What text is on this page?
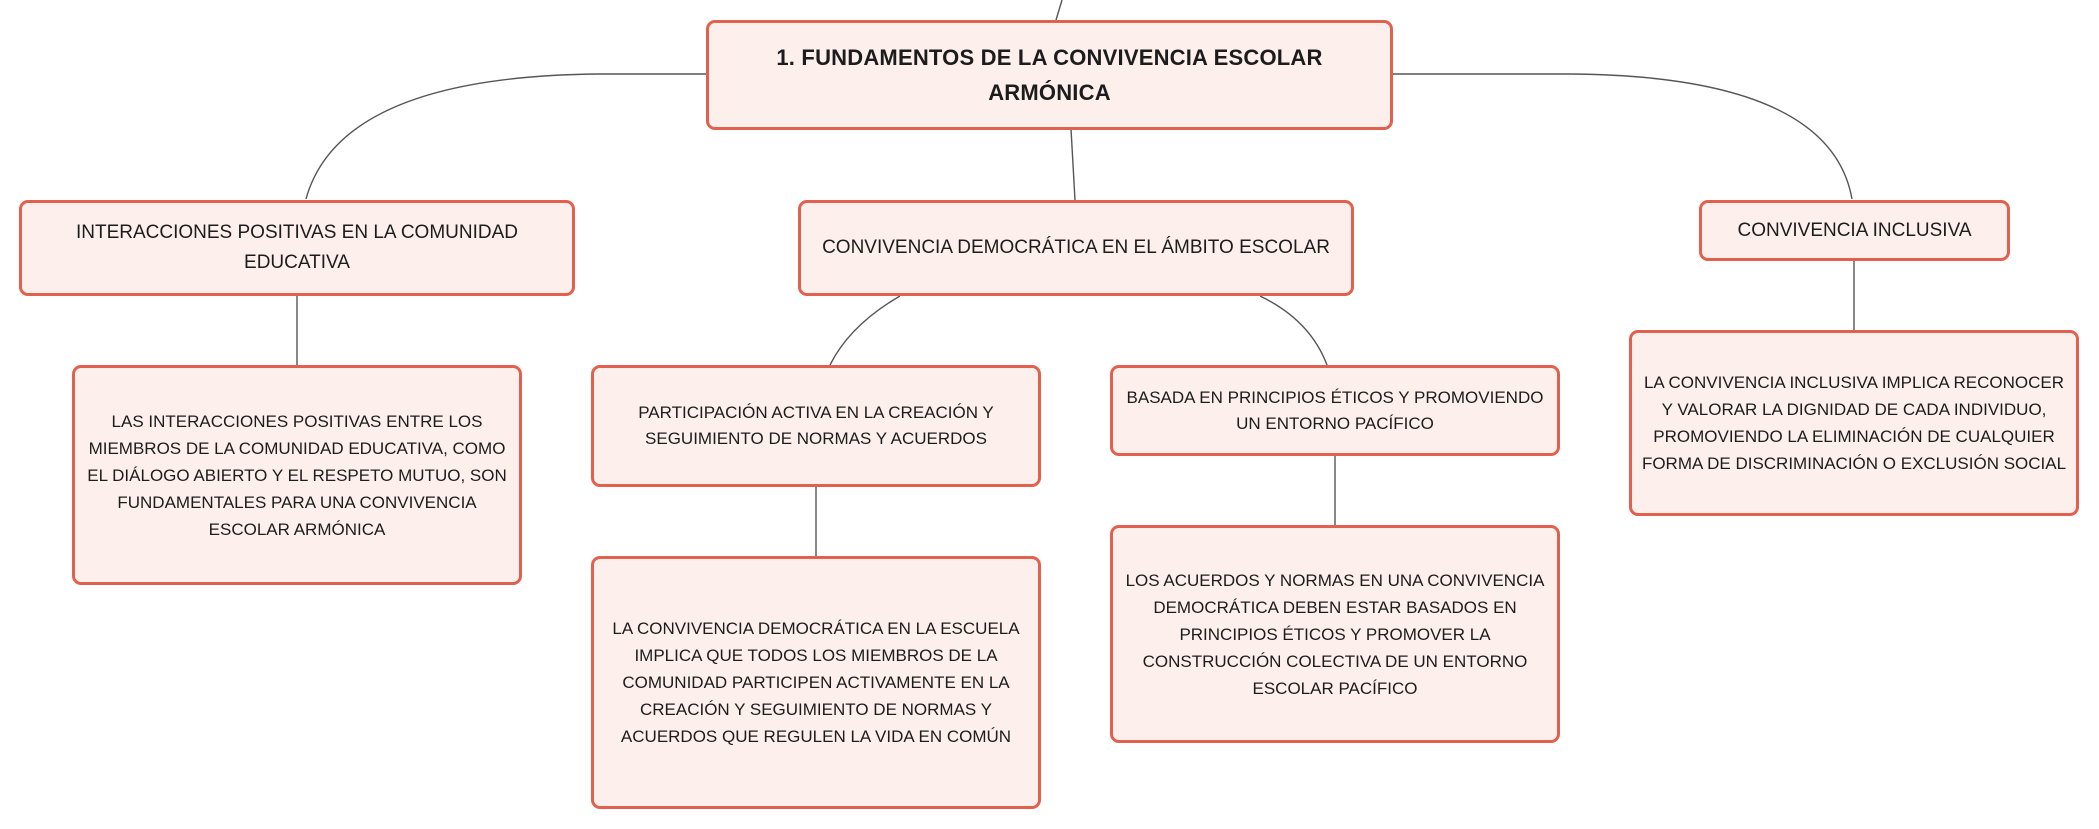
1. FUNDAMENTOS DE LA CONVIVENCIA ESCOLAR ARMÓNICA
INTERACCIONES POSITIVAS EN LA COMUNIDAD EDUCATIVA
CONVIVENCIA DEMOCRÁTICA EN EL ÁMBITO ESCOLAR
CONVIVENCIA INCLUSIVA
LAS INTERACCIONES POSITIVAS ENTRE LOS MIEMBROS DE LA COMUNIDAD EDUCATIVA, COMO EL DIÁLOGO ABIERTO Y EL RESPETO MUTUO, SON FUNDAMENTALES PARA UNA CONVIVENCIA ESCOLAR ARMÓNICA
PARTICIPACIÓN ACTIVA EN LA CREACIÓN Y SEGUIMIENTO DE NORMAS Y ACUERDOS
BASADA EN PRINCIPIOS ÉTICOS Y PROMOVIENDO UN ENTORNO PACÍFICO
LA CONVIVENCIA DEMOCRÁTICA EN LA ESCUELA IMPLICA QUE TODOS LOS MIEMBROS DE LA COMUNIDAD PARTICIPEN ACTIVAMENTE EN LA CREACIÓN Y SEGUIMIENTO DE NORMAS Y ACUERDOS QUE REGULEN LA VIDA EN COMÚN
LOS ACUERDOS Y NORMAS EN UNA CONVIVENCIA DEMOCRÁTICA DEBEN ESTAR BASADOS EN PRINCIPIOS ÉTICOS Y PROMOVER LA CONSTRUCCIÓN COLECTIVA DE UN ENTORNO ESCOLAR PACÍFICO
LA CONVIVENCIA INCLUSIVA IMPLICA RECONOCER Y VALORAR LA DIGNIDAD DE CADA INDIVIDUO, PROMOVIENDO LA ELIMINACIÓN DE CUALQUIER FORMA DE DISCRIMINACIÓN O EXCLUSIÓN SOCIAL
